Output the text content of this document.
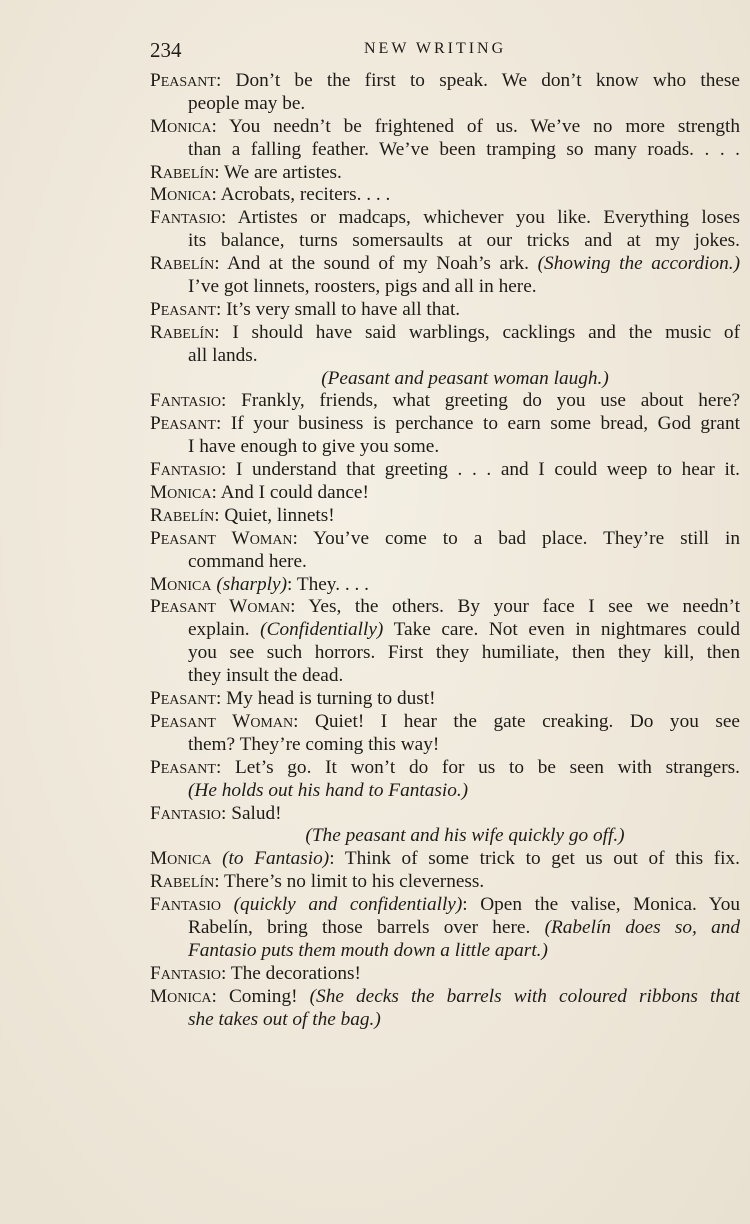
234	NEW WRITING
Peasant: Don’t be the first to speak. We don’t know who these
people may be.
Monica: You needn’t be frightened of us. We’ve no more strength
than a falling feather. We’ve been tramping so many roads. . . .
Rabelín: We are artistes.
Monica: Acrobats, reciters. . . .
Fantasio: Artistes or madcaps, whichever you like. Everything loses
its balance, turns somersaults at our tricks and at my jokes.
Rabelín: And at the sound of my Noah’s ark. (Showing the accordion.)
I’ve got linnets, roosters, pigs and all in here.
Peasant: It’s very small to have all that.
Rabelín: I should have said warblings, cacklings and the music of
all lands.
(Peasant and peasant woman laugh.)
Fantasio: Frankly, friends, what greeting do you use about here?
Peasant: If your business is perchance to earn some bread, God grant
I have enough to give you some.
Fantasio: I understand that greeting . . . and I could weep to hear it.
Monica: And I could dance!
Rabelín: Quiet, linnets!
Peasant Woman: You’ve come to a bad place. They’re still in
command here.
Monica (sharply): They. . . .
Peasant Woman: Yes, the others. By your face I see we needn’t
explain. (Confidentially) Take care. Not even in nightmares could
you see such horrors. First they humiliate, then they kill, then
they insult the dead.
Peasant: My head is turning to dust!
Peasant Woman: Quiet! I hear the gate creaking. Do you see
them? They’re coming this way!
Peasant: Let’s go. It won’t do for us to be seen with strangers.
(He holds out his hand to Fantasio.)
Fantasio: Salud!
(The peasant and his wife quickly go off.)
Monica (to Fantasio): Think of some trick to get us out of this fix.
Rabelín: There’s no limit to his cleverness.
Fantasio (quickly and confidentially): Open the valise, Monica. You
Rabelín, bring those barrels over here. (Rabelín does so, and
Fantasio puts them mouth down a little apart.)
Fantasio: The decorations!
Monica: Coming! (She decks the barrels with coloured ribbons that
she takes out of the bag.)
